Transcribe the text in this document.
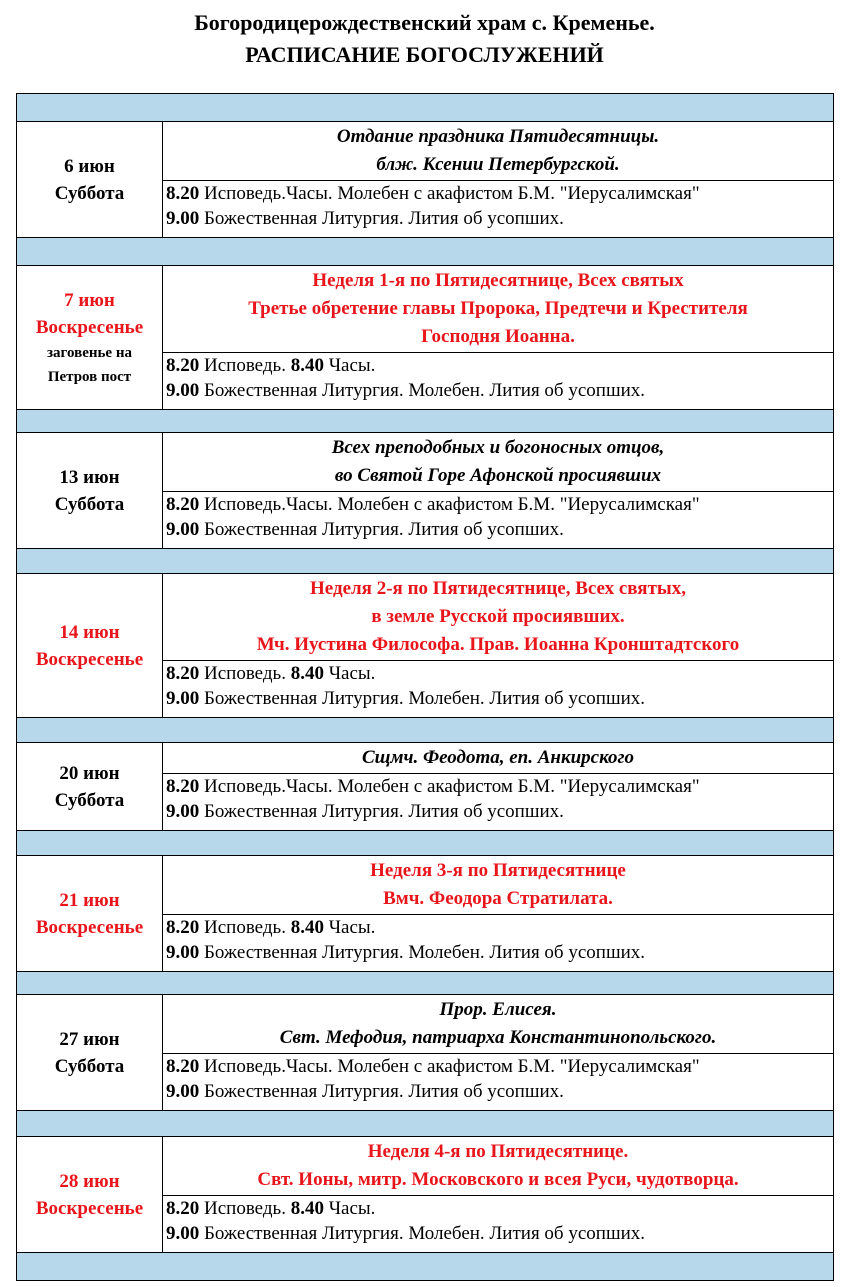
Богородицерождественский храм с. Кременье.
РАСПИСАНИЕ БОГОСЛУЖЕНИЙ

6 июн
Суббота	Отдание праздника Пятидесятницы.
блж. Ксении Петербургской.

	8.20 Исповедь.Часы. Молебен с акафистом Б.М. "Иерусалимская"
9.00 Божественная Литургия. Лития об усопших.

7 июн
Воскресенье
заговенье на Петров пост	Неделя 1-я по Пятидесятнице, Всех святых
Третье обретение главы Пророка, Предтечи и Крестителя
Господня Иоанна.

	8.20 Исповедь. 8.40 Часы.
9.00 Божественная Литургия. Молебен. Лития об усопших.

13 июн
Суббота	Всех преподобных и богоносных отцов,
во Святой Горе Афонской просиявших

	8.20 Исповедь.Часы. Молебен с акафистом Б.М. "Иерусалимская"
9.00 Божественная Литургия. Лития об усопших.

14 июн
Воскресенье	Неделя 2-я по Пятидесятнице, Всех святых,
в земле Русской просиявших.
Мч. Иустина Философа. Прав. Иоанна Кронштадтского

	8.20 Исповедь. 8.40 Часы.
9.00 Божественная Литургия. Молебен. Лития об усопших.

20 июн
Суббота	Сщмч. Феодота, еп. Анкирского

	8.20 Исповедь.Часы. Молебен с акафистом Б.М. "Иерусалимская"
9.00 Божественная Литургия. Лития об усопших.

21 июн
Воскресенье	Неделя 3-я по Пятидесятнице
Вмч. Феодора Стратилата.

	8.20 Исповедь. 8.40 Часы.
9.00 Божественная Литургия. Молебен. Лития об усопших.

27 июн
Суббота	Прор. Елисея.
Свт. Мефодия, патриарха Константинопольского.

	8.20 Исповедь.Часы. Молебен с акафистом Б.М. "Иерусалимская"
9.00 Божественная Литургия. Лития об усопших.

28 июн
Воскресенье	Неделя 4-я по Пятидесятнице.
Свт. Ионы, митр. Московского и всея Руси, чудотворца.

	8.20 Исповедь. 8.40 Часы.
9.00 Божественная Литургия. Молебен. Лития об усопших.
